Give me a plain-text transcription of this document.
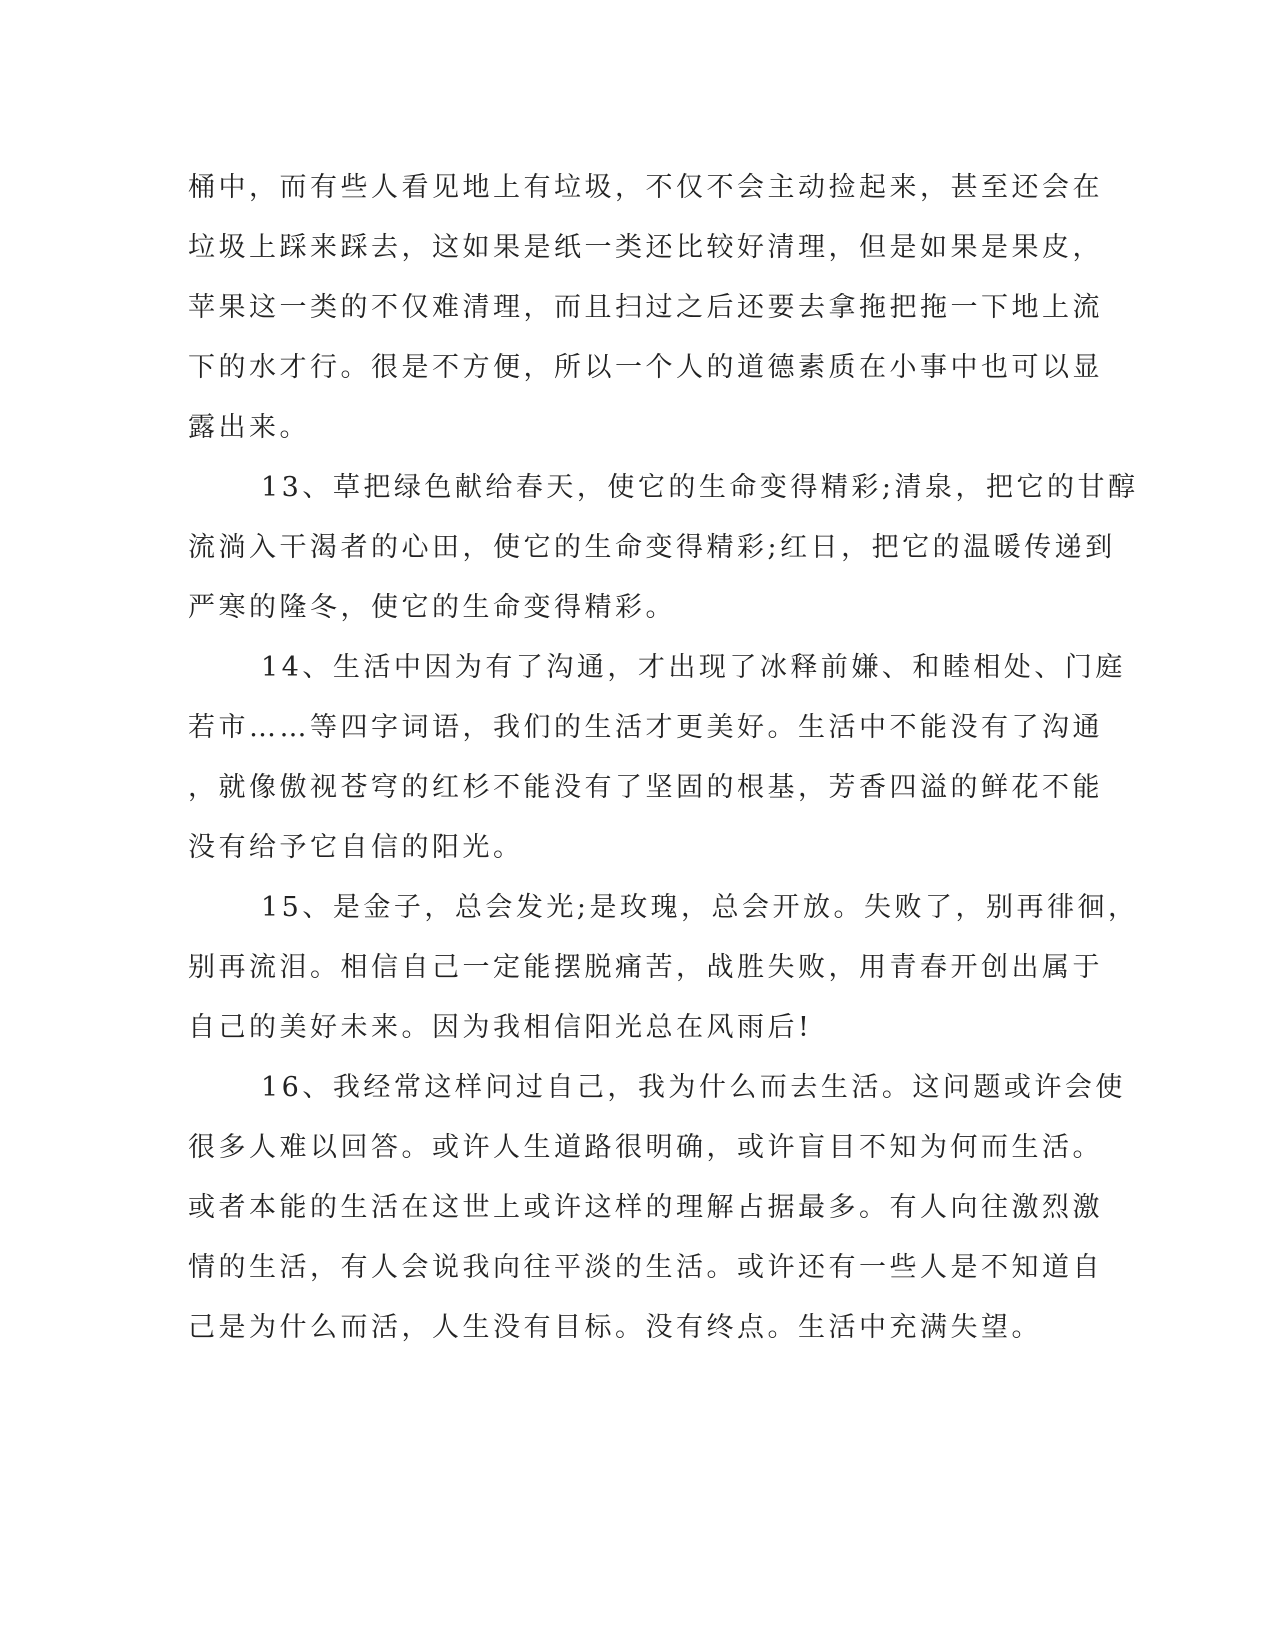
桶中，而有些人看见地上有垃圾，不仅不会主动捡起来，甚至还会在
垃圾上踩来踩去，这如果是纸一类还比较好清理，但是如果是果皮，
苹果这一类的不仅难清理，而且扫过之后还要去拿拖把拖一下地上流
下的水才行。很是不方便，所以一个人的道德素质在小事中也可以显
露出来。
13、草把绿色献给春天，使它的生命变得精彩;清泉，把它的甘醇
流淌入干渴者的心田，使它的生命变得精彩;红日，把它的温暖传递到
严寒的隆冬，使它的生命变得精彩。
14、生活中因为有了沟通，才出现了冰释前嫌、和睦相处、门庭
若市……等四字词语，我们的生活才更美好。生活中不能没有了沟通
，就像傲视苍穹的红杉不能没有了坚固的根基，芳香四溢的鲜花不能
没有给予它自信的阳光。
15、是金子，总会发光;是玫瑰，总会开放。失败了，别再徘徊，
别再流泪。相信自己一定能摆脱痛苦，战胜失败，用青春开创出属于
自己的美好未来。因为我相信阳光总在风雨后!
16、我经常这样问过自己，我为什么而去生活。这问题或许会使
很多人难以回答。或许人生道路很明确，或许盲目不知为何而生活。
或者本能的生活在这世上或许这样的理解占据最多。有人向往激烈激
情的生活，有人会说我向往平淡的生活。或许还有一些人是不知道自
己是为什么而活，人生没有目标。没有终点。生活中充满失望。
